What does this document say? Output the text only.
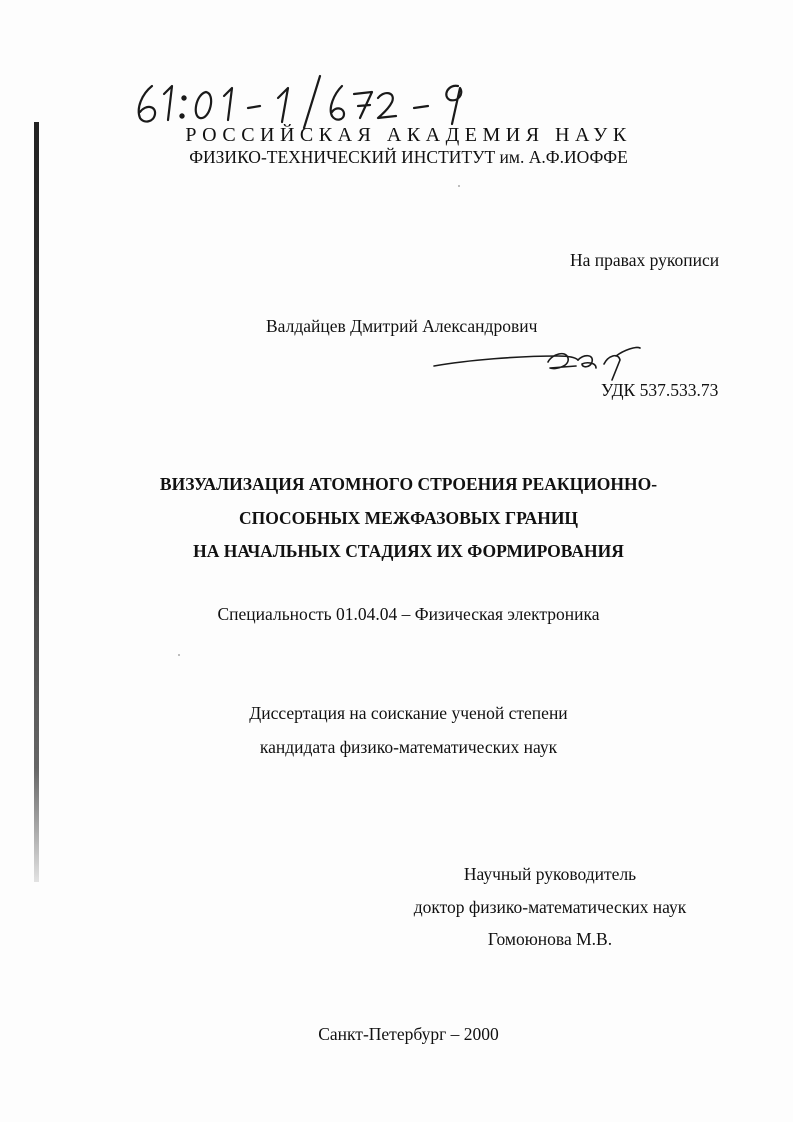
РОССИЙСКАЯ АКАДЕМИЯ НАУК
ФИЗИКО-ТЕХНИЧЕСКИЙ ИНСТИТУТ им. А.Ф.ИОФФЕ
На правах рукописи
Валдайцев Дмитрий Александрович
УДК 537.533.73
ВИЗУАЛИЗАЦИЯ АТОМНОГО СТРОЕНИЯ РЕАКЦИОННО-
СПОСОБНЫХ МЕЖФАЗОВЫХ ГРАНИЦ
НА НАЧАЛЬНЫХ СТАДИЯХ ИХ ФОРМИРОВАНИЯ
Специальность 01.04.04 – Физическая электроника
Диссертация на соискание ученой степени
кандидата физико-математических наук
Научный руководитель
доктор физико-математических наук
Гомоюнова М.В.
Санкт-Петербург – 2000
